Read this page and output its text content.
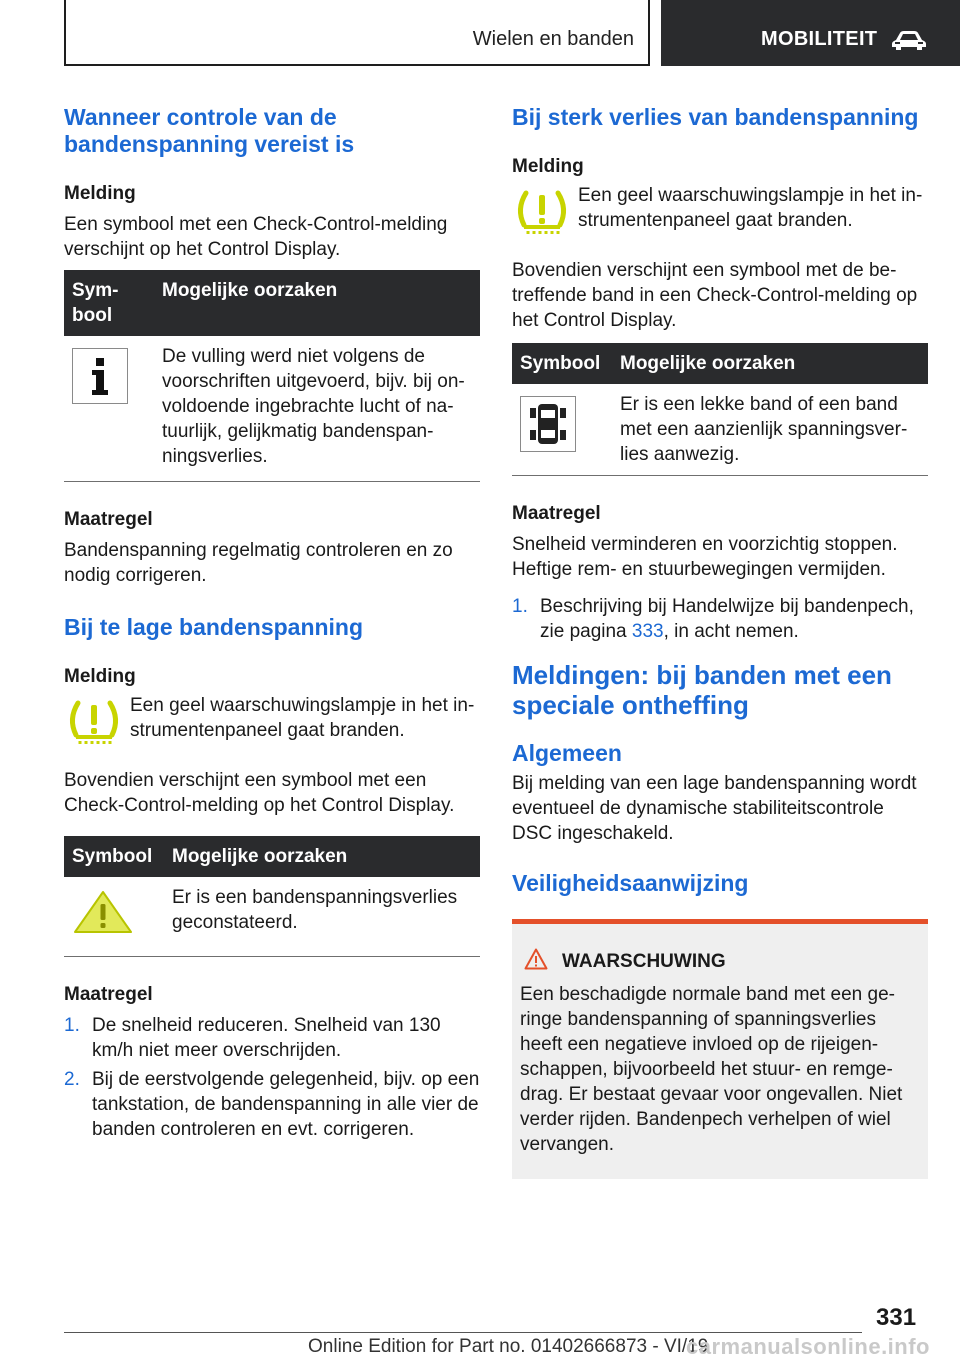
Wielen en banden	MOBILITEIT
Wanneer controle van de bandenspanning vereist is
Melding

Een symbool met een Check-Control-melding verschijnt op het Control Display.

Sym-bool	Mogelijke oorzaken
	De vulling werd niet volgens de voorschriften uitgevoerd, bijv. bij on-voldoende ingebrachte lucht of na-tuurlijk, gelijkmatig bandenspan-ningsverlies.
Maatregel

Bandenspanning regelmatig controleren en zo nodig corrigeren.

Bij te lage bandenspanning
Melding

Een geel waarschuwingslampje in het in-strumentenpaneel gaat branden.

Bovendien verschijnt een symbool met een Check-Control-melding op het Control Display.

Symbool	Mogelijke oorzaken
	Er is een bandenspanningsverlies geconstateerd.
Maatregel
1. De snelheid reduceren. Snelheid van 130 km/h niet meer overschrijden.
2. Bij de eerstvolgende gelegenheid, bijv. op een tankstation, de bandenspanning in alle vier de banden controleren en evt. corrigeren.
Bij sterk verlies van bandenspanning
Melding

Een geel waarschuwingslampje in het in-strumentenpaneel gaat branden.

Bovendien verschijnt een symbool met de be-treffende band in een Check-Control-melding op het Control Display.

Symbool	Mogelijke oorzaken
	Er is een lekke band of een band met een aanzienlijk spanningsver-lies aanwezig.
Maatregel

Snelheid verminderen en voorzichtig stoppen. Heftige rem- en stuurbewegingen vermijden.

1. Beschrijving bij Handelwijze bij bandenpech, zie pagina 333, in acht nemen.
Meldingen: bij banden met een speciale ontheffing
Algemeen

Bij melding van een lage bandenspanning wordt eventueel de dynamische stabiliteitscontrole DSC ingeschakeld.

Veiligheidsaanwijzing
WAARSCHUWING

Een beschadigde normale band met een ge-ringe bandenspanning of spanningsverlies heeft een negatieve invloed op de rijeigen-schappen, bijvoorbeeld het stuur- en remge-drag. Er bestaat gevaar voor ongevallen. Niet verder rijden. Bandenpech verhelpen of wiel vervangen.

331
Online Edition for Part no. 01402666873 - VI/19
carmanualsonline.info
